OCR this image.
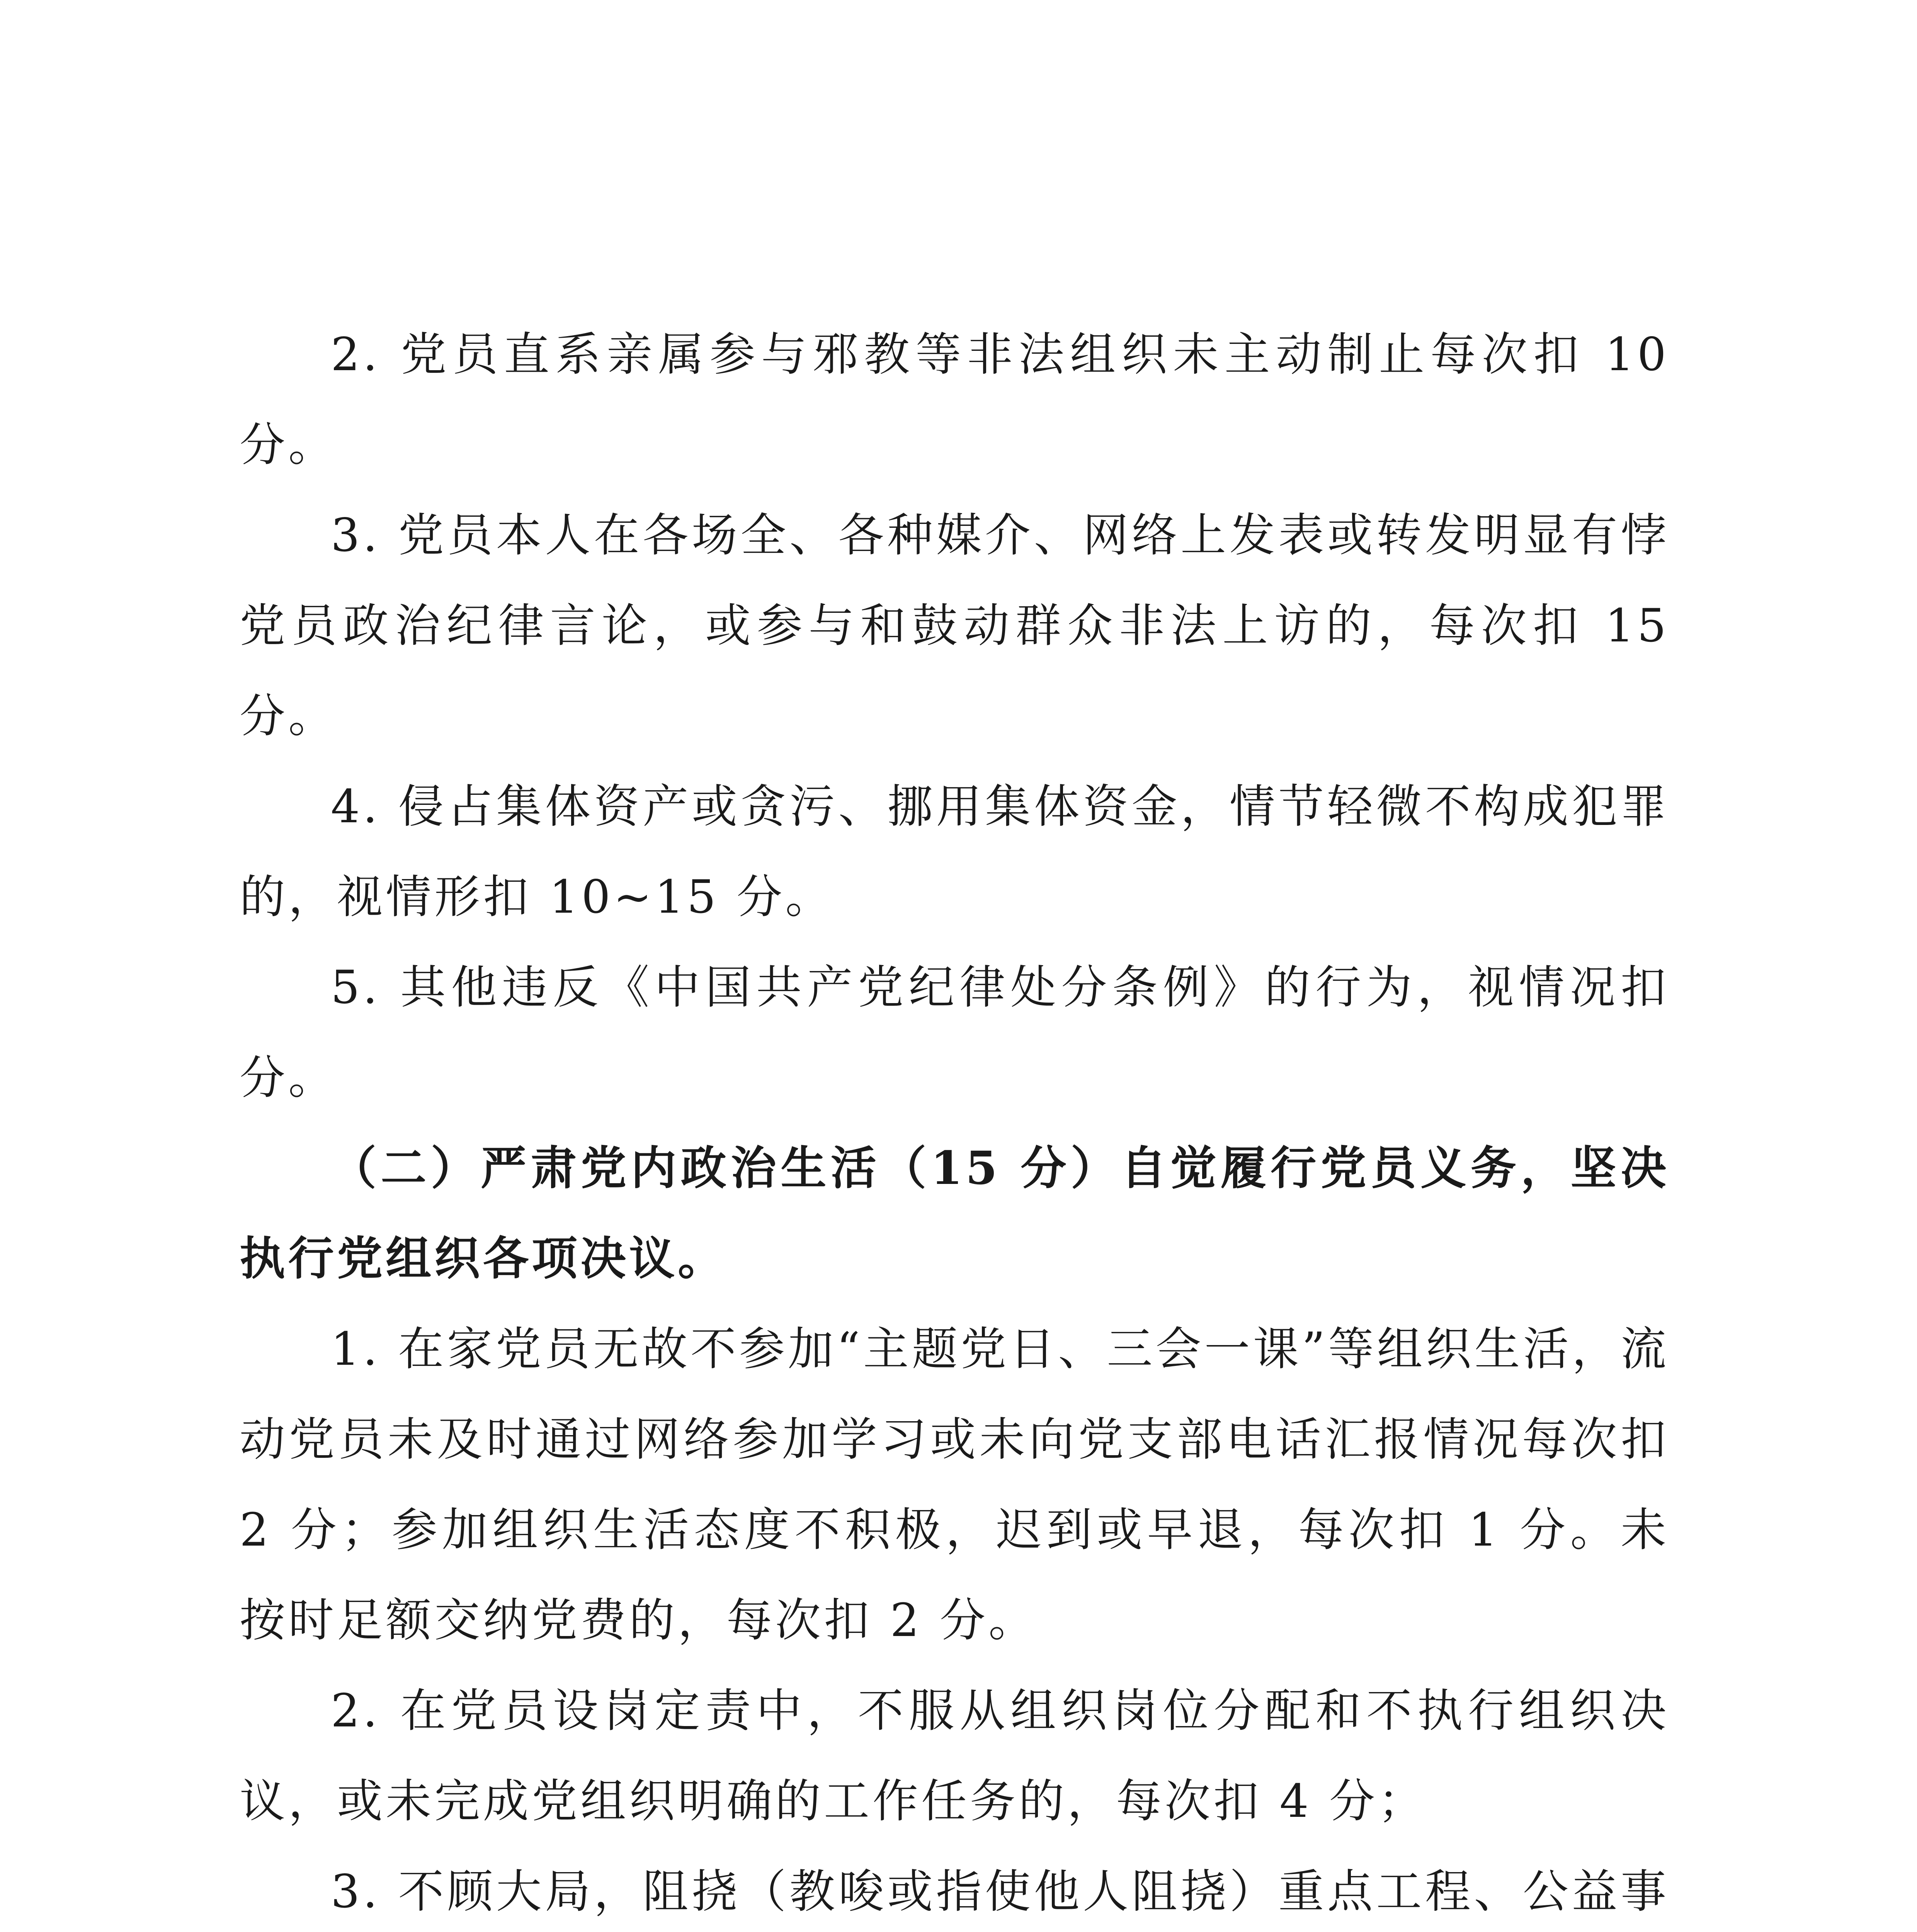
2. 党员直系亲属参与邪教等非法组织未主动制止每次扣 10 分。

3. 党员本人在各场全、各种媒介、网络上发表或转发明显有悖党员政治纪律言论，或参与和鼓动群众非法上访的，每次扣 15 分。

4. 侵占集体资产或贪污、挪用集体资金，情节轻微不构成犯罪的，视情形扣 10~15 分。

5. 其他违反《中国共产党纪律处分条例》的行为，视情况扣分。

（二）严肃党内政治生活（15 分）自觉履行党员义务，坚决执行党组织各项决议。

1. 在家党员无故不参加“主题党日、三会一课”等组织生活，流动党员未及时通过网络参加学习或未向党支部电话汇报情况每次扣 2 分；参加组织生活态度不积极，迟到或早退，每次扣 1 分。未按时足额交纳党费的，每次扣 2 分。

2. 在党员设岗定责中，不服从组织岗位分配和不执行组织决议，或未完成党组织明确的工作任务的，每次扣 4 分；

3. 不顾大局，阻挠（教唆或指使他人阻挠）重点工程、公益事
